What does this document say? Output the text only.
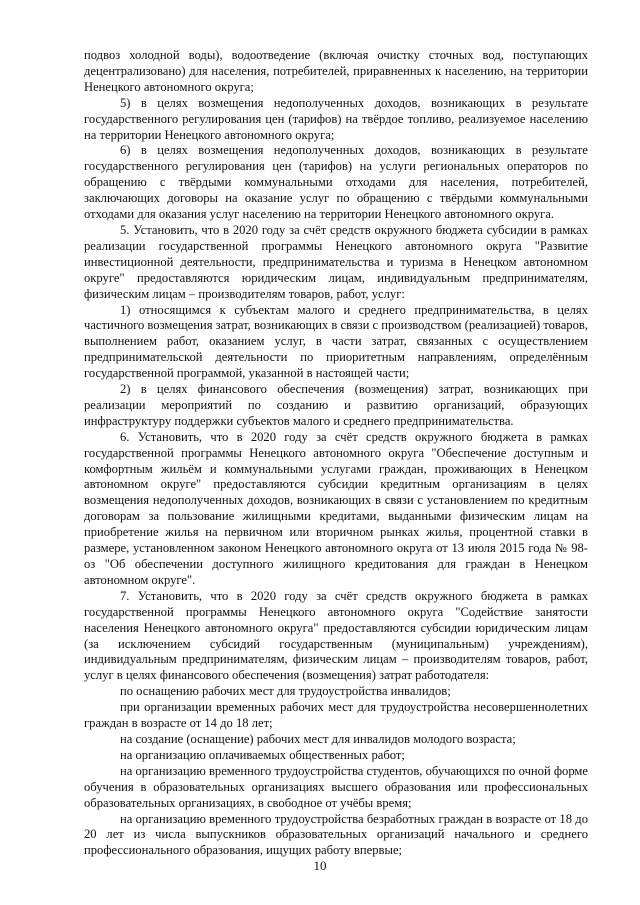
подвоз холодной воды), водоотведение (включая очистку сточных вод, поступающих децентрализовано) для населения, потребителей, приравненных к населению, на территории Ненецкого автономного округа;

5) в целях возмещения недополученных доходов, возникающих в результате государственного регулирования цен (тарифов) на твёрдое топливо, реализуемое населению на территории Ненецкого автономного округа;

6) в целях возмещения недополученных доходов, возникающих в результате государственного регулирования цен (тарифов) на услуги региональных операторов по обращению с твёрдыми коммунальными отходами для населения, потребителей, заключающих договоры на оказание услуг по обращению с твёрдыми коммунальными отходами для оказания услуг населению на территории Ненецкого автономного округа.

5. Установить, что в 2020 году за счёт средств окружного бюджета субсидии в рамках реализации государственной программы Ненецкого автономного округа "Развитие инвестиционной деятельности, предпринимательства и туризма в Ненецком автономном округе" предоставляются юридическим лицам, индивидуальным предпринимателям, физическим лицам – производителям товаров, работ, услуг:

1) относящимся к субъектам малого и среднего предпринимательства, в целях частичного возмещения затрат, возникающих в связи с производством (реализацией) товаров, выполнением работ, оказанием услуг, в части затрат, связанных с осуществлением предпринимательской деятельности по приоритетным направлениям, определённым государственной программой, указанной в настоящей части;

2) в целях финансового обеспечения (возмещения) затрат, возникающих при реализации мероприятий по созданию и развитию организаций, образующих инфраструктуру поддержки субъектов малого и среднего предпринимательства.

6. Установить, что в 2020 году за счёт средств окружного бюджета в рамках государственной программы Ненецкого автономного округа "Обеспечение доступным и комфортным жильём и коммунальными услугами граждан, проживающих в Ненецком автономном округе" предоставляются субсидии кредитным организациям в целях возмещения недополученных доходов, возникающих в связи с установлением по кредитным договорам за пользование жилищными кредитами, выданными физическим лицам на приобретение жилья на первичном или вторичном рынках жилья, процентной ставки в размере, установленном законом Ненецкого автономного округа от 13 июля 2015 года № 98-оз "Об обеспечении доступного жилищного кредитования для граждан в Ненецком автономном округе".

7. Установить, что в 2020 году за счёт средств окружного бюджета в рамках государственной программы Ненецкого автономного округа "Содействие занятости населения Ненецкого автономного округа" предоставляются субсидии юридическим лицам (за исключением субсидий государственным (муниципальным) учреждениям), индивидуальным предпринимателям, физическим лицам – производителям товаров, работ, услуг в целях финансового обеспечения (возмещения) затрат работодателя:

по оснащению рабочих мест для трудоустройства инвалидов;

при организации временных рабочих мест для трудоустройства несовершеннолетних граждан в возрасте от 14 до 18 лет;

на создание (оснащение) рабочих мест для инвалидов молодого возраста;

на организацию оплачиваемых общественных работ;

на организацию временного трудоустройства студентов, обучающихся по очной форме обучения в образовательных организациях высшего образования или профессиональных образовательных организациях, в свободное от учёбы время;

на организацию временного трудоустройства безработных граждан в возрасте от 18 до 20 лет из числа выпускников образовательных организаций начального и среднего профессионального образования, ищущих работу впервые;

10
